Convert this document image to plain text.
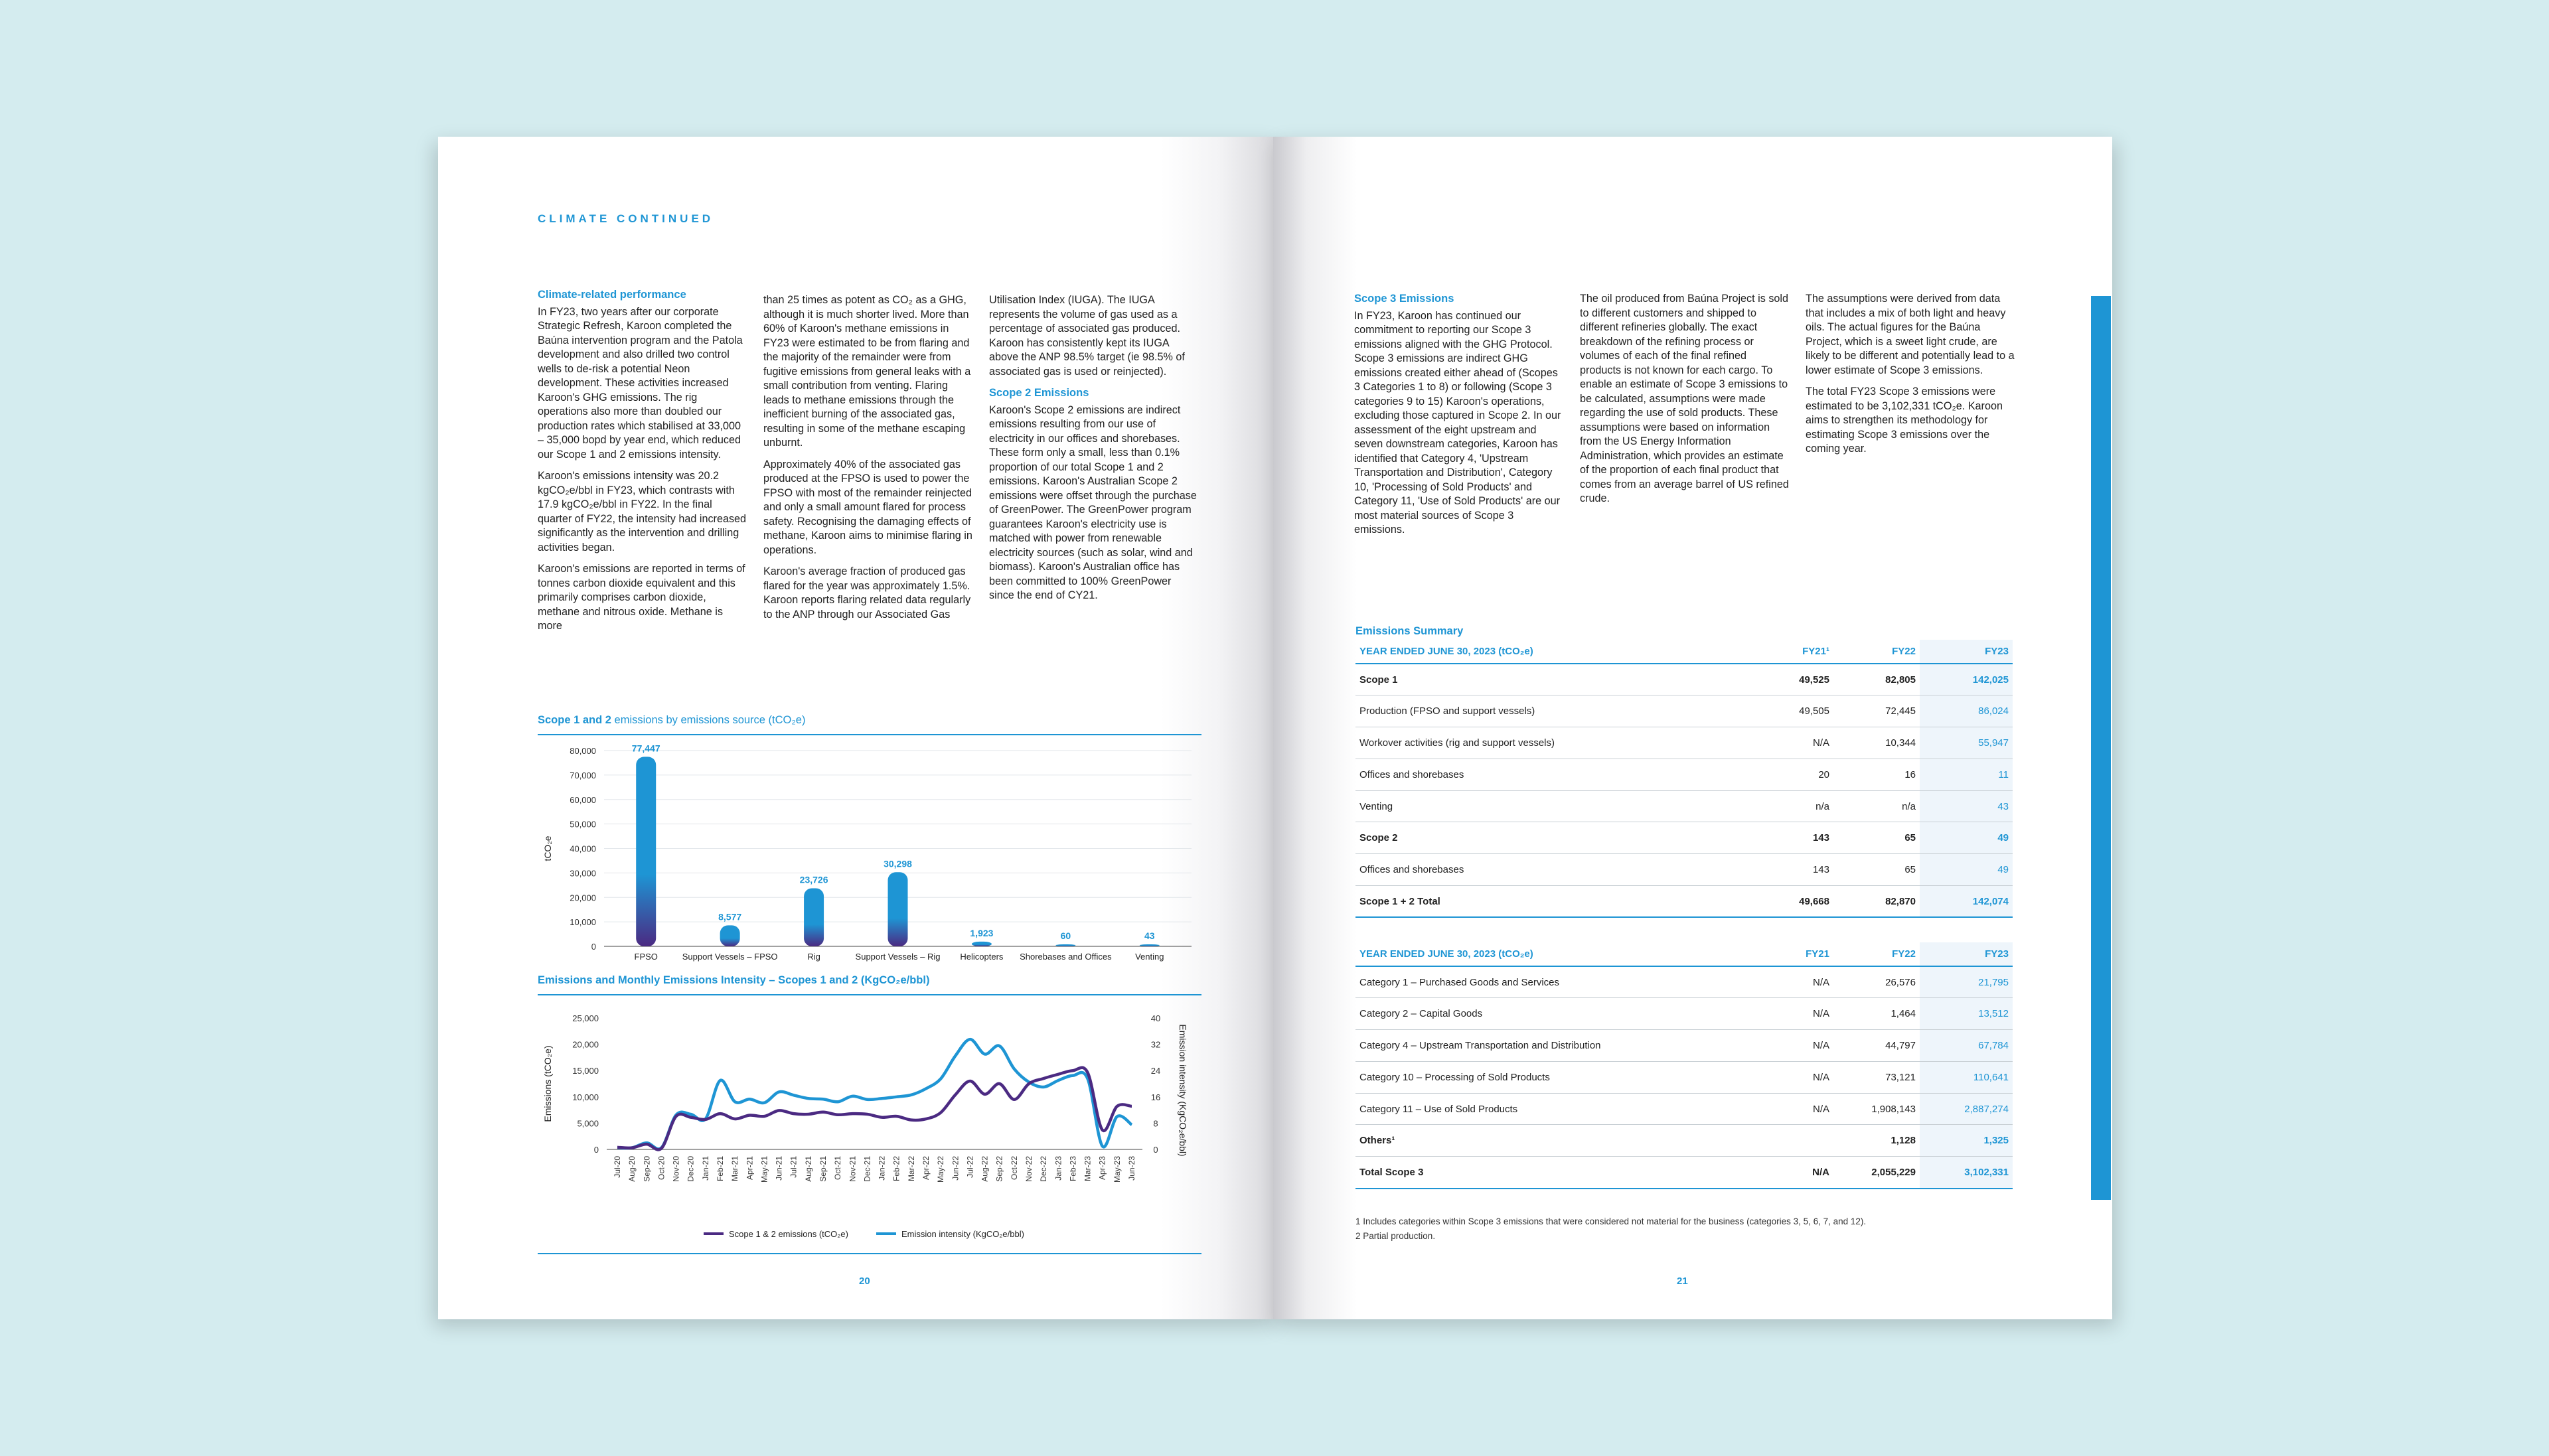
CLIMATE CONTINUED
Climate-related performance

In FY23, two years after our corporate Strategic Refresh, Karoon completed the Baúna intervention program and the Patola development and also drilled two control wells to de-risk a potential Neon development. These activities increased Karoon's GHG emissions. The rig operations also more than doubled our production rates which stabilised at 33,000 – 35,000 bopd by year end, which reduced our Scope 1 and 2 emissions intensity.

Karoon's emissions intensity was 20.2 kgCO₂e/bbl in FY23, which contrasts with 17.9 kgCO₂e/bbl in FY22. In the final quarter of FY22, the intensity had increased significantly as the intervention and drilling activities began.

Karoon's emissions are reported in terms of tonnes carbon dioxide equivalent and this primarily comprises carbon dioxide, methane and nitrous oxide. Methane is more

than 25 times as potent as CO₂ as a GHG, although it is much shorter lived. More than 60% of Karoon's methane emissions in FY23 were estimated to be from flaring and the majority of the remainder were from fugitive emissions from general leaks with a small contribution from venting. Flaring leads to methane emissions through the inefficient burning of the associated gas, resulting in some of the methane escaping unburnt.

Approximately 40% of the associated gas produced at the FPSO is used to power the FPSO with most of the remainder reinjected and only a small amount flared for process safety. Recognising the damaging effects of methane, Karoon aims to minimise flaring in operations.

Karoon's average fraction of produced gas flared for the year was approximately 1.5%. Karoon reports flaring related data regularly to the ANP through our Associated Gas

Utilisation Index (IUGA). The IUGA represents the volume of gas used as a percentage of associated gas produced. Karoon has consistently kept its IUGA above the ANP 98.5% target (ie 98.5% of associated gas is used or reinjected).

Scope 2 Emissions

Karoon's Scope 2 emissions are indirect emissions resulting from our use of electricity in our offices and shorebases. These form only a small, less than 0.1% proportion of our total Scope 1 and 2 emissions. Karoon's Australian Scope 2 emissions were offset through the purchase of GreenPower. The GreenPower program guarantees Karoon's electricity use is matched with power from renewable electricity sources (such as solar, wind and biomass). Karoon's Australian office has been committed to 100% GreenPower since the end of CY21.

Scope 1 and 2 emissions by emissions source (tCO₂e)
0
10,000
20,000
30,000
40,000
50,000
60,000
70,000
80,000
tCO₂e
77,447
FPSO
8,577
Support Vessels – FPSO
23,726
Rig
30,298
Support Vessels – Rig
1,923
Helicopters
60
Shorebases and Offices
43
Venting
Emissions and Monthly Emissions Intensity – Scopes 1 and 2 (KgCO₂e/bbl)
0
5,000
10,000
15,000
20,000
25,000
0
8
16
24
32
40
Emissions (tCO₂e)	Emission intensity (KgCO₂e/bbl)
Jul-20 Aug-20 Sep-20 Oct-20 Nov-20 Dec-20 Jan-21 Feb-21 Mar-21 Apr-21 May-21 Jun-21 Jul-21 Aug-21 Sep-21 Oct-21 Nov-21 Dec-21 Jan-22 Feb-22 Mar-22 Apr-22 May-22 Jun-22 Jul-22 Aug-22 Sep-22 Oct-22 Nov-22 Dec-22 Jan-23 Feb-23 Mar-23 Apr-23 May-23 Jun-23
Scope 1 & 2 emissions (tCO₂e)	Emission intensity (KgCO₂e/bbl)
20
Scope 3 Emissions

In FY23, Karoon has continued our commitment to reporting our Scope 3 emissions aligned with the GHG Protocol. Scope 3 emissions are indirect GHG emissions created either ahead of (Scopes 3 Categories 1 to 8) or following (Scope 3 categories 9 to 15) Karoon's operations, excluding those captured in Scope 2. In our assessment of the eight upstream and seven downstream categories, Karoon has identified that Category 4, 'Upstream Transportation and Distribution', Category 10, 'Processing of Sold Products' and Category 11, 'Use of Sold Products' are our most material sources of Scope 3 emissions.

The oil produced from Baúna Project is sold to different customers and shipped to different refineries globally. The exact breakdown of the refining process or volumes of each of the final refined products is not known for each cargo. To enable an estimate of Scope 3 emissions to be calculated, assumptions were made regarding the use of sold products. These assumptions were based on information from the US Energy Information Administration, which provides an estimate of the proportion of each final product that comes from an average barrel of US refined crude.

The assumptions were derived from data that includes a mix of both light and heavy oils. The actual figures for the Baúna Project, which is a sweet light crude, are likely to be different and potentially lead to a lower estimate of Scope 3 emissions.

The total FY23 Scope 3 emissions were estimated to be 3,102,331 tCO₂e. Karoon aims to strengthen its methodology for estimating Scope 3 emissions over the coming year.

Emissions Summary
YEAR ENDED JUNE 30, 2023 (tCO₂e)	FY21¹	FY22	FY23
Scope 1	49,525	82,805	142,025
Production (FPSO and support vessels)	49,505	72,445	86,024
Workover activities (rig and support vessels)	N/A	10,344	55,947
Offices and shorebases	20	16	11
Venting	n/a	n/a	43
Scope 2	143	65	49
Offices and shorebases	143	65	49
Scope 1 + 2 Total	49,668	82,870	142,074
YEAR ENDED JUNE 30, 2023 (tCO₂e)	FY21	FY22	FY23
Category 1 – Purchased Goods and Services	N/A	26,576	21,795
Category 2 – Capital Goods	N/A	1,464	13,512
Category 4 – Upstream Transportation and Distribution	N/A	44,797	67,784
Category 10 – Processing of Sold Products	N/A	73,121	110,641
Category 11 – Use of Sold Products	N/A	1,908,143	2,887,274
Others¹		1,128	1,325
Total Scope 3	N/A	2,055,229	3,102,331
1 Includes categories within Scope 3 emissions that were considered not material for the business (categories 3, 5, 6, 7, and 12).
2 Partial production.
21
